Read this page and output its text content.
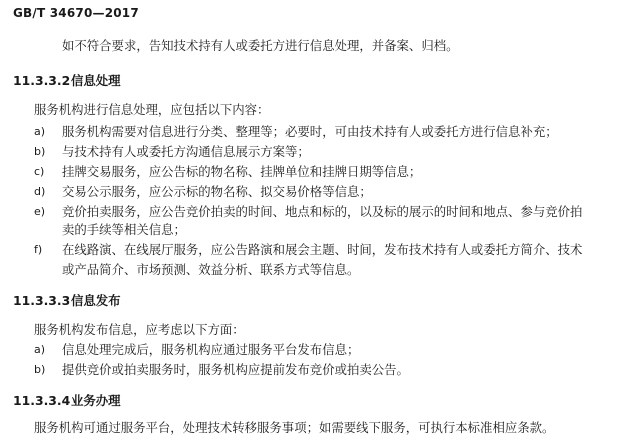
GB/T 34670—2017
如不符合要求，告知技术持有人或委托方进行信息处理，并备案、归档。
11.3.3.2信息处理
服务机构进行信息处理，应包括以下内容：
a) 服务机构需要对信息进行分类、整理等；必要时，可由技术持有人或委托方进行信息补充；
b) 与技术持有人或委托方沟通信息展示方案等；
c) 挂牌交易服务，应公告标的物名称、挂牌单位和挂牌日期等信息；
d) 交易公示服务，应公示标的物名称、拟交易价格等信息；
e) 竞价拍卖服务，应公告竞价拍卖的时间、地点和标的，以及标的展示的时间和地点、参与竞价拍
卖的手续等相关信息；
f) 在线路演、在线展厅服务，应公告路演和展会主题、时间，发布技术持有人或委托方简介、技术
或产品简介、市场预测、效益分析、联系方式等信息。
11.3.3.3信息发布
服务机构发布信息，应考虑以下方面：
a) 信息处理完成后，服务机构应通过服务平台发布信息；
b) 提供竞价或拍卖服务时，服务机构应提前发布竞价或拍卖公告。
11.3.3.4业务办理
服务机构可通过服务平台，处理技术转移服务事项；如需要线下服务，可执行本标准相应条款。
